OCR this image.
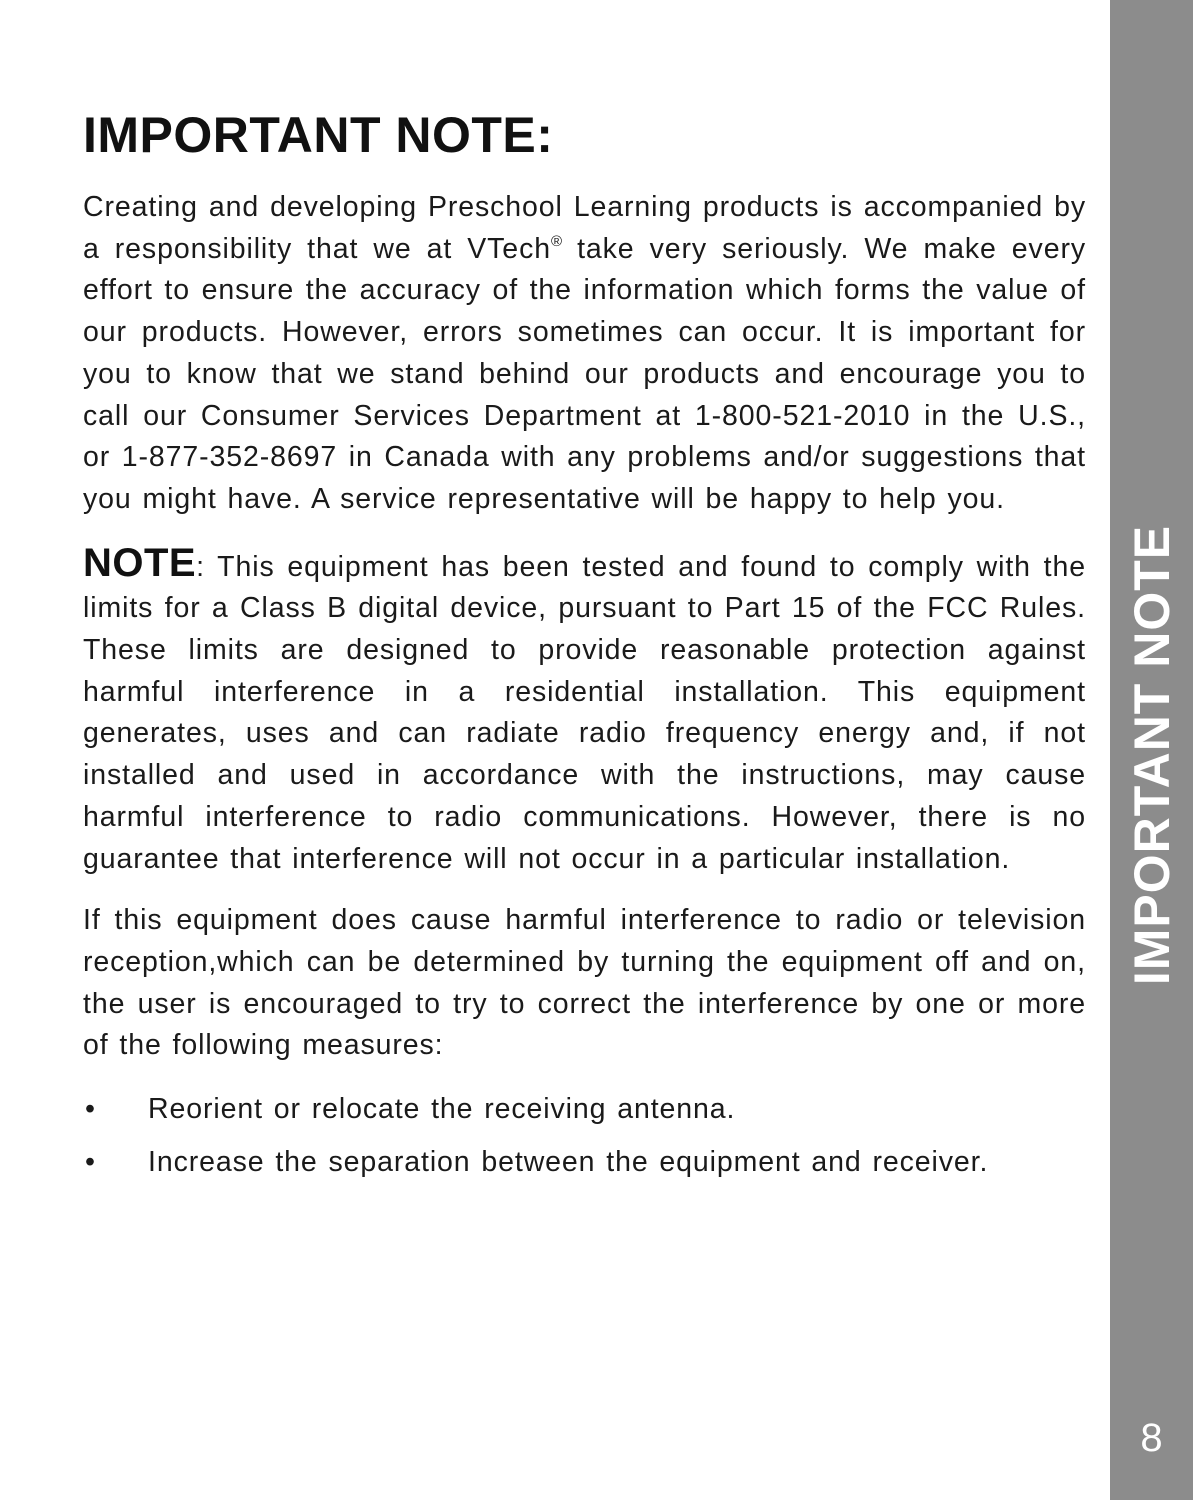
IMPORTANT NOTE:

Creating and developing Preschool Learning products is accompanied by a responsibility that we at VTech® take very seriously. We make every effort to ensure the accuracy of the information which forms the value of our products. However, errors sometimes can occur. It is important for you to know that we stand behind our products and encourage you to call our Consumer Services Department at 1-800-521-2010 in the U.S., or 1-877-352-8697 in Canada with any problems and/or suggestions that you might have. A service representative will be happy to help you.

NOTE: This equipment has been tested and found to comply with the limits for a Class B digital device, pursuant to Part 15 of the FCC Rules. These limits are designed to provide reasonable protection against harmful interference in a residential installation. This equipment generates, uses and can radiate radio frequency energy and, if not installed and used in accordance with the instructions, may cause harmful interference to radio communications. However, there is no guarantee that interference will not occur in a particular installation.

If this equipment does cause harmful interference to radio or television reception,which can be determined by turning the equipment off and on, the user is encouraged to try to correct the interference by one or more of the following measures:

•	Reorient or relocate the receiving antenna.
•	Increase the separation between the equipment and receiver.
IMPORTANT NOTE
8
